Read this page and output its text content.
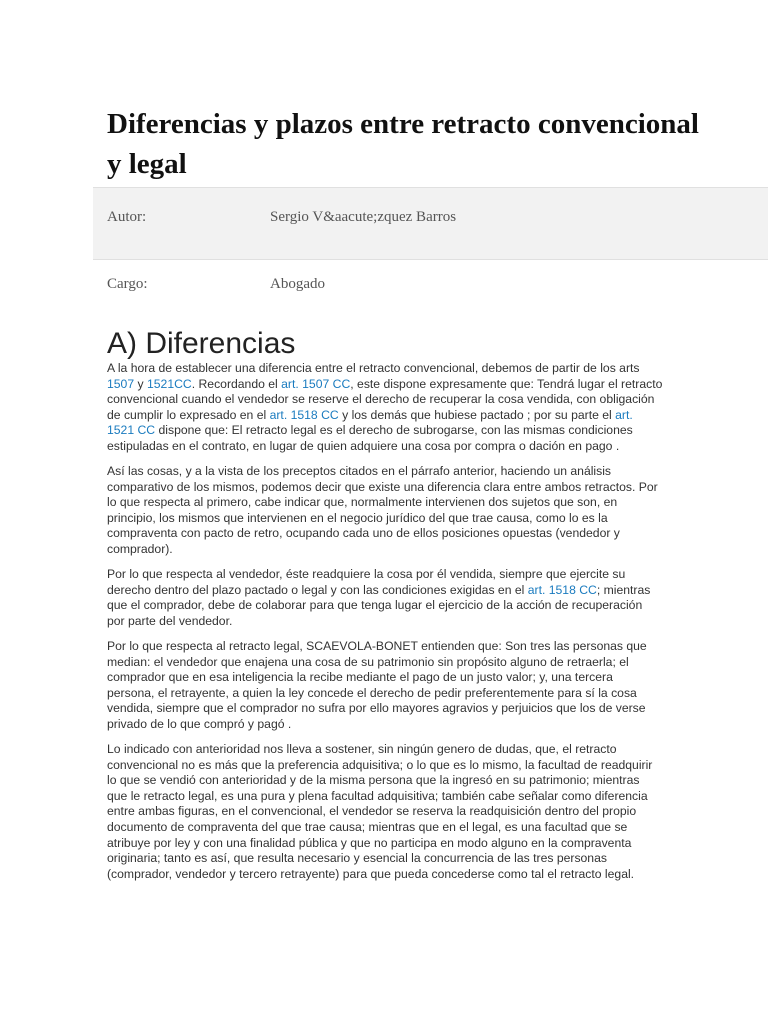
Diferencias y plazos entre retracto convencional y legal
Autor:	Sergio V&aacute;zquez Barros
Cargo:	Abogado
A) Diferencias

A la hora de establecer una diferencia entre el retracto convencional, debemos de partir de los arts 1507 y 1521CC. Recordando el art. 1507 CC, este dispone expresamente que: Tendrá lugar el retracto convencional cuando el vendedor se reserve el derecho de recuperar la cosa vendida, con obligación de cumplir lo expresado en el art. 1518 CC y los demás que hubiese pactado ; por su parte el art. 1521 CC dispone que: El retracto legal es el derecho de subrogarse, con las mismas condiciones estipuladas en el contrato, en lugar de quien adquiere una cosa por compra o dación en pago .

Así las cosas, y a la vista de los preceptos citados en el párrafo anterior, haciendo un análisis comparativo de los mismos, podemos decir que existe una diferencia clara entre ambos retractos. Por lo que respecta al primero, cabe indicar que, normalmente intervienen dos sujetos que son, en principio, los mismos que intervienen en el negocio jurídico del que trae causa, como lo es la compraventa con pacto de retro, ocupando cada uno de ellos posiciones opuestas (vendedor y comprador).

Por lo que respecta al vendedor, éste readquiere la cosa por él vendida, siempre que ejercite su derecho dentro del plazo pactado o legal y con las condiciones exigidas en el art. 1518 CC; mientras que el comprador, debe de colaborar para que tenga lugar el ejercicio de la acción de recuperación por parte del vendedor.

Por lo que respecta al retracto legal, SCAEVOLA-BONET entienden que: Son tres las personas que median: el vendedor que enajena una cosa de su patrimonio sin propósito alguno de retraerla; el comprador que en esa inteligencia la recibe mediante el pago de un justo valor; y, una tercera persona, el retrayente, a quien la ley concede el derecho de pedir preferentemente para sí la cosa vendida, siempre que el comprador no sufra por ello mayores agravios y perjuicios que los de verse privado de lo que compró y pagó .

Lo indicado con anterioridad nos lleva a sostener, sin ningún genero de dudas, que, el retracto convencional no es más que la preferencia adquisitiva; o lo que es lo mismo, la facultad de readquirir lo que se vendió con anterioridad y de la misma persona que la ingresó en su patrimonio; mientras que le retracto legal, es una pura y plena facultad adquisitiva; también cabe señalar como diferencia entre ambas figuras, en el convencional, el vendedor se reserva la readquisición dentro del propio documento de compraventa del que trae causa; mientras que en el legal, es una facultad que se atribuye por ley y con una finalidad pública y que no participa en modo alguno en la compraventa originaria; tanto es así, que resulta necesario y esencial la concurrencia de las tres personas (comprador, vendedor y tercero retrayente) para que pueda concederse como tal el retracto legal.
